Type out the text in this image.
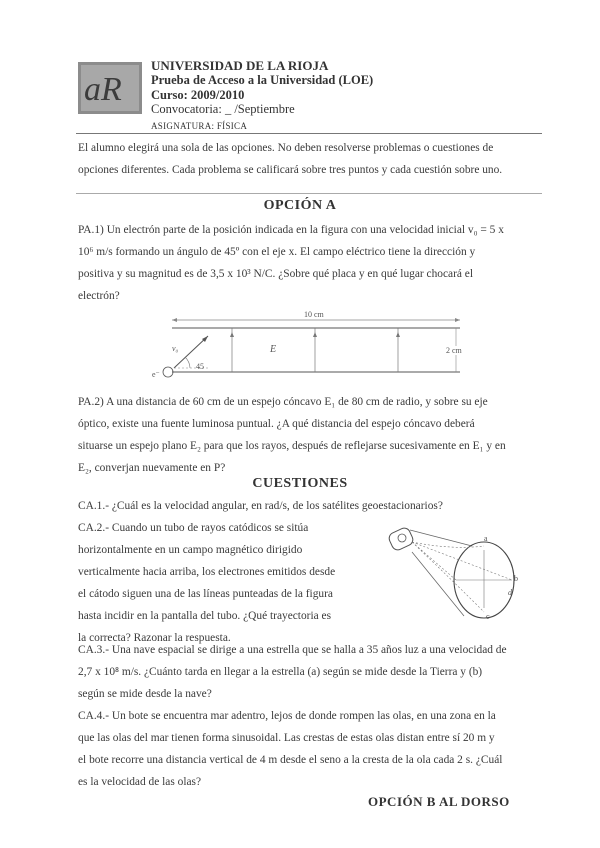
aR
UNIVERSIDAD DE LA RIOJA
Prueba de Acceso a la Universidad (LOE)
Curso: 2009/2010
Convocatoria: _ /Septiembre
ASIGNATURA: FÍSICA
El alumno elegirá una sola de las opciones. No deben resolverse problemas o cuestiones de
opciones diferentes. Cada problema se calificará sobre tres puntos y cada cuestión sobre uno.
OPCIÓN A
PA.1) Un electrón parte de la posición indicada en la figura con una velocidad inicial v₀ = 5 x
10⁶ m/s formando un ángulo de 45º con el eje x. El campo eléctrico tiene la dirección y
positiva y su magnitud es de 3,5 x 10³ N/C. ¿Sobre qué placa y en qué lugar chocará el
electrón?
10 cm
2 cm
E
v₀
45
e⁻
PA.2) A una distancia de 60 cm de un espejo cóncavo E₁ de 80 cm de radio, y sobre su eje
óptico, existe una fuente luminosa puntual. ¿A qué distancia del espejo cóncavo deberá
situarse un espejo plano E₂ para que los rayos, después de reflejarse sucesivamente en E₁ y en
E₂, converjan nuevamente en P?
CUESTIONES
CA.1.- ¿Cuál es la velocidad angular, en rad/s, de los satélites geoestacionarios?
CA.2.- Cuando un tubo de rayos catódicos se sitúa
horizontalmente en un campo magnético dirigido
verticalmente hacia arriba, los electrones emitidos desde
el cátodo siguen una de las líneas punteadas de la figura
hasta incidir en la pantalla del tubo. ¿Qué trayectoria es
la correcta? Razonar la respuesta.
a
b
c
d
CA.3.- Una nave espacial se dirige a una estrella que se halla a 35 años luz a una velocidad de
2,7 x 10⁸ m/s. ¿Cuánto tarda en llegar a la estrella (a) según se mide desde la Tierra y (b)
según se mide desde la nave?
CA.4.- Un bote se encuentra mar adentro, lejos de donde rompen las olas, en una zona en la
que las olas del mar tienen forma sinusoidal. Las crestas de estas olas distan entre sí 20 m y
el bote recorre una distancia vertical de 4 m desde el seno a la cresta de la ola cada 2 s. ¿Cuál
es la velocidad de las olas?
OPCIÓN B AL DORSO
